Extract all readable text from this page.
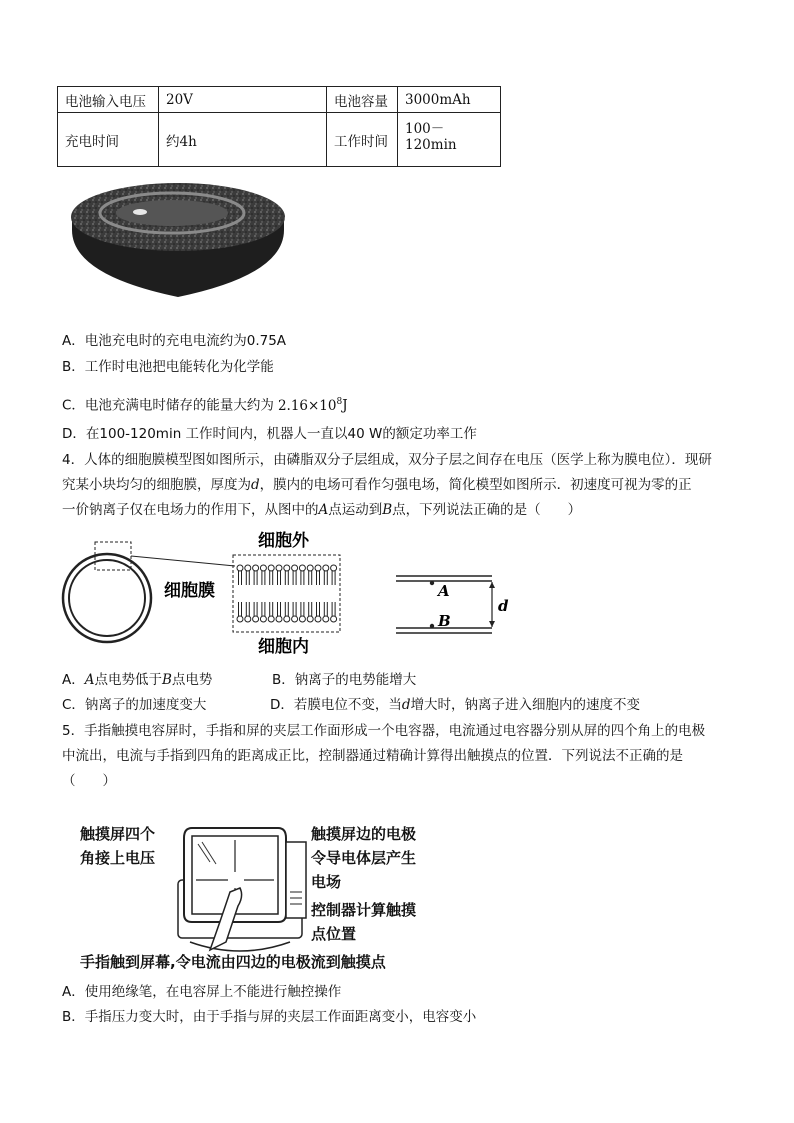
电池输入电压	20V	电池容量	3000mAh
充电时间	约4h	工作时间	100－120min
A．电池充电时的充电电流约为0.75A
B．工作时电池把电能转化为化学能
C．电池充满电时储存的能量大约为 $2.16\times 10^8J$
D．在100-120min 工作时间内，机器人一直以40 W的额定功率工作
4．人体的细胞膜模型图如图所示，由磷脂双分子层组成，双分子层之间存在电压（医学上称为膜电位）．现研
究某小块均匀的细胞膜，厚度为d，膜内的电场可看作匀强电场，简化模型如图所示．初速度可视为零的正
一价钠离子仅在电场力的作用下，从图中的A点运动到B点，下列说法正确的是（　　）
细胞膜
细胞外
细胞内
A
B
d
A．A点电势低于B点电势	B．钠离子的电势能增大
C．钠离子的加速度变大	D．若膜电位不变，当d增大时，钠离子进入细胞内的速度不变
5．手指触摸电容屏时，手指和屏的夹层工作面形成一个电容器，电流通过电容器分别从屏的四个角上的电极
中流出，电流与手指到四角的距离成正比，控制器通过精确计算得出触摸点的位置．下列说法不正确的是
（　　）
触摸屏四个
角接上电压
触摸屏边的电极
令导电体层产生
电场
控制器计算触摸
点位置
手指触到屏幕,令电流由四边的电极流到触摸点
A．使用绝缘笔，在电容屏上不能进行触控操作
B．手指压力变大时，由于手指与屏的夹层工作面距离变小，电容变小
